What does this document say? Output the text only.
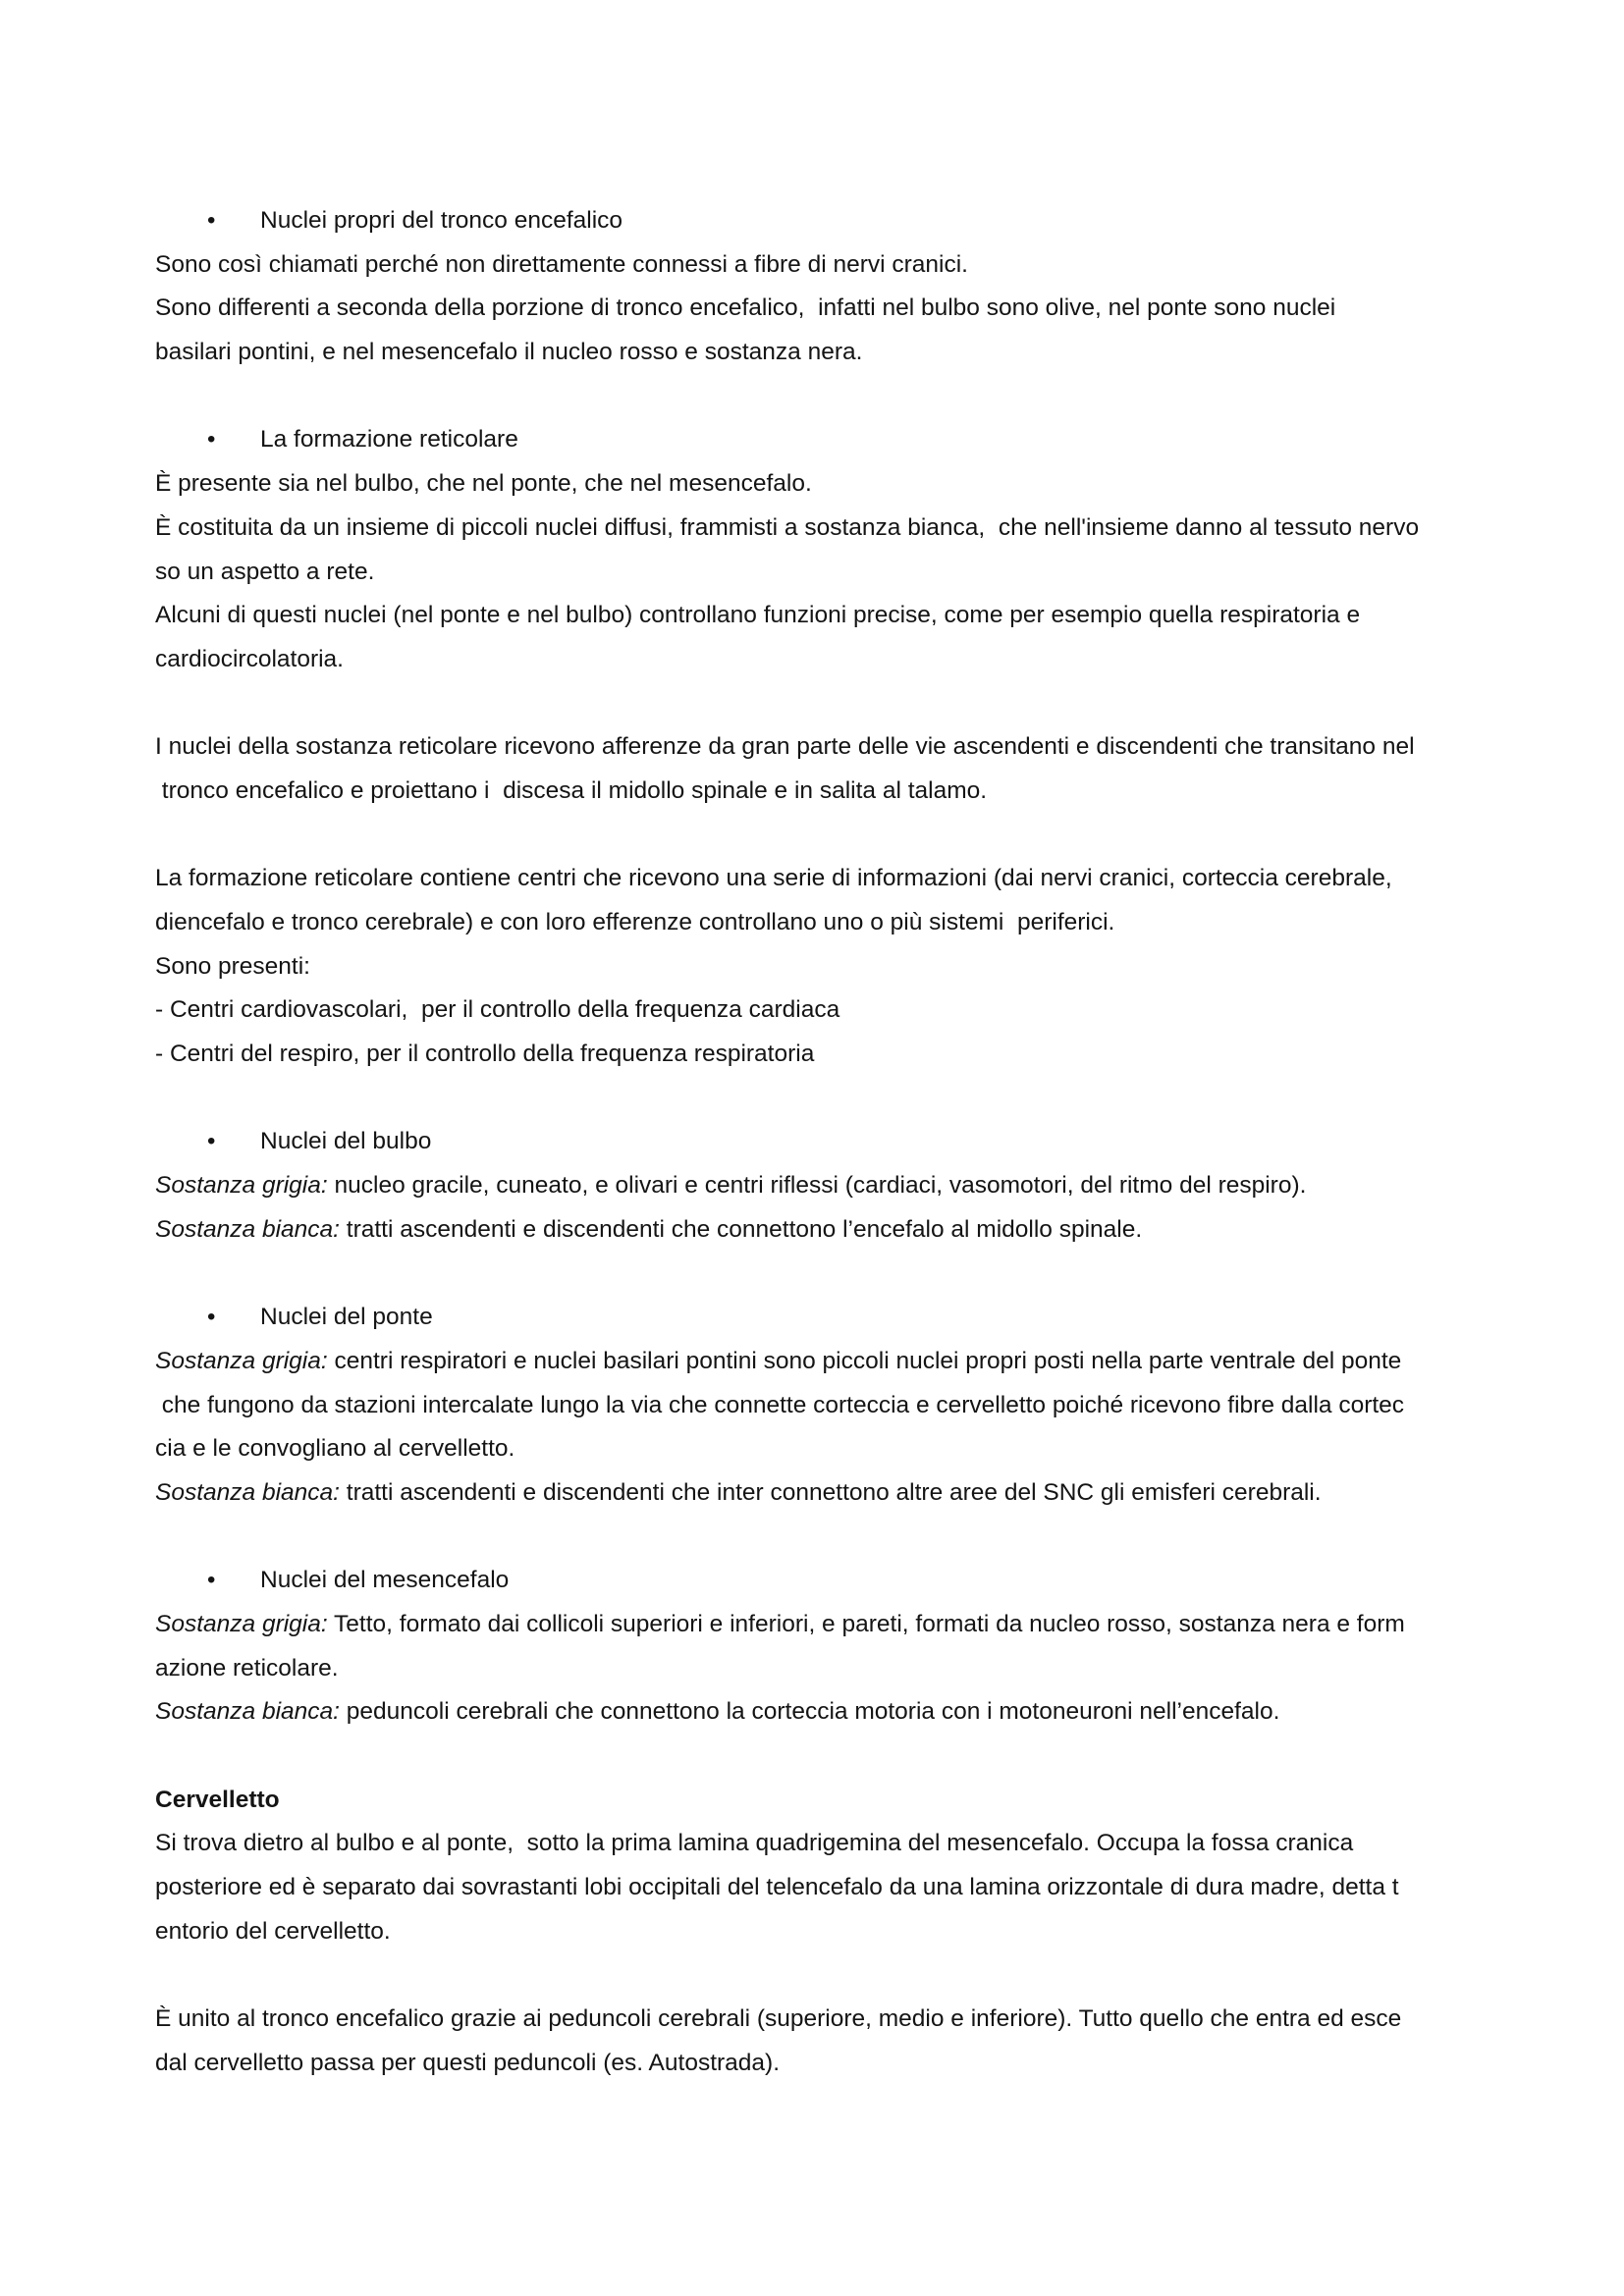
• Nuclei propri del tronco encefalico
Sono così chiamati perché non direttamente connessi a fibre di nervi cranici.
Sono differenti a seconda della porzione di tronco encefalico,  infatti nel bulbo sono olive, nel ponte sono nuclei
basilari pontini, e nel mesencefalo il nucleo rosso e sostanza nera.
• La formazione reticolare
È presente sia nel bulbo, che nel ponte, che nel mesencefalo.
È costituita da un insieme di piccoli nuclei diffusi, frammisti a sostanza bianca,  che nell'insieme danno al tessuto nervo
so un aspetto a rete.
Alcuni di questi nuclei (nel ponte e nel bulbo) controllano funzioni precise, come per esempio quella respiratoria e
cardiocircolatoria.
I nuclei della sostanza reticolare ricevono afferenze da gran parte delle vie ascendenti e discendenti che transitano nel
tronco encefalico e proiettano i  discesa il midollo spinale e in salita al talamo.
La formazione reticolare contiene centri che ricevono una serie di informazioni (dai nervi cranici, corteccia cerebrale,
diencefalo e tronco cerebrale) e con loro efferenze controllano uno o più sistemi  periferici.
Sono presenti:
- Centri cardiovascolari,  per il controllo della frequenza cardiaca
- Centri del respiro, per il controllo della frequenza respiratoria
• Nuclei del bulbo
Sostanza grigia: nucleo gracile, cuneato, e olivari e centri riflessi (cardiaci, vasomotori, del ritmo del respiro).
Sostanza bianca: tratti ascendenti e discendenti che connettono l’encefalo al midollo spinale.
• Nuclei del ponte
Sostanza grigia: centri respiratori e nuclei basilari pontini sono piccoli nuclei propri posti nella parte ventrale del ponte
che fungono da stazioni intercalate lungo la via che connette corteccia e cervelletto poiché ricevono fibre dalla cortec
cia e le convogliano al cervelletto.
Sostanza bianca: tratti ascendenti e discendenti che inter connettono altre aree del SNC gli emisferi cerebrali.
• Nuclei del mesencefalo
Sostanza grigia: Tetto, formato dai collicoli superiori e inferiori, e pareti, formati da nucleo rosso, sostanza nera e form
azione reticolare.
Sostanza bianca: peduncoli cerebrali che connettono la corteccia motoria con i motoneuroni nell’encefalo.
Cervelletto
Si trova dietro al bulbo e al ponte,  sotto la prima lamina quadrigemina del mesencefalo. Occupa la fossa cranica
posteriore ed è separato dai sovrastanti lobi occipitali del telencefalo da una lamina orizzontale di dura madre, detta t
entorio del cervelletto.
È unito al tronco encefalico grazie ai peduncoli cerebrali (superiore, medio e inferiore). Tutto quello che entra ed esce
dal cervelletto passa per questi peduncoli (es. Autostrada).
